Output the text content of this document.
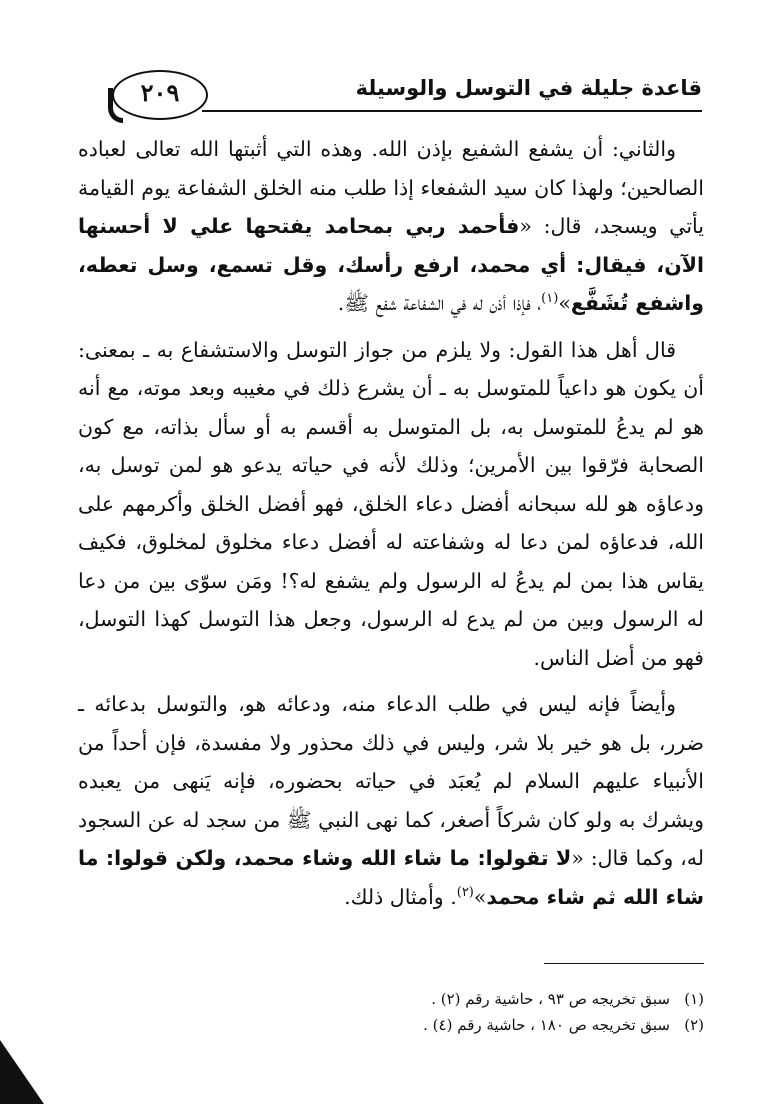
قاعدة جليلة في التوسل والوسيلة
٢٠٩

والثاني: أن يشفع الشفيع بإذن الله. وهذه التي أثبتها الله تعالى لعباده الصالحين؛ ولهذا كان سيد الشفعاء إذا طلب منه الخلق الشفاعة يوم القيامة يأتي ويسجد، قال: «فأحمد ربي بمحامد يفتحها علي لا أحسنها الآن، فيقال: أي محمد، ارفع رأسك، وقل تسمع، وسل تعطه، واشفع تُشَفَّع»$^{(١)}$، فإذا أذن له في الشفاعة شفع ﷺ.

قال أهل هذا القول: ولا يلزم من جواز التوسل والاستشفاع به ـ بمعنى: أن يكون هو داعياً للمتوسل به ـ أن يشرع ذلك في مغيبه وبعد موته، مع أنه هو لم يدعُ للمتوسل به، بل المتوسل به أقسم به أو سأل بذاته، مع كون الصحابة فرّقوا بين الأمرين؛ وذلك لأنه في حياته يدعو هو لمن توسل به، ودعاؤه هو لله سبحانه أفضل دعاء الخلق، فهو أفضل الخلق وأكرمهم على الله، فدعاؤه لمن دعا له وشفاعته له أفضل دعاء مخلوق لمخلوق، فكيف يقاس هذا بمن لم يدعُ له الرسول ولم يشفع له؟! ومَن سوّى بين من دعا له الرسول وبين من لم يدع له الرسول، وجعل هذا التوسل كهذا التوسل، فهو من أضل الناس.

وأيضاً فإنه ليس في طلب الدعاء منه، ودعائه هو، والتوسل بدعائه ـ ضرر، بل هو خير بلا شر، وليس في ذلك محذور ولا مفسدة، فإن أحداً من الأنبياء عليهم السلام لم يُعبَد في حياته بحضوره، فإنه يَنهى من يعبده ويشرك به ولو كان شركاً أصغر، كما نهى النبي ﷺ من سجد له عن السجود له، وكما قال: «لا تقولوا: ما شاء الله وشاء محمد، ولكن قولوا: ما شاء الله ثم شاء محمد»$^{(٢)}$. وأمثال ذلك.

(١)سبق تخريجه ص ٩٣ ، حاشية رقم (٢) .
(٢)سبق تخريجه ص ١٨٠ ، حاشية رقم (٤) .
